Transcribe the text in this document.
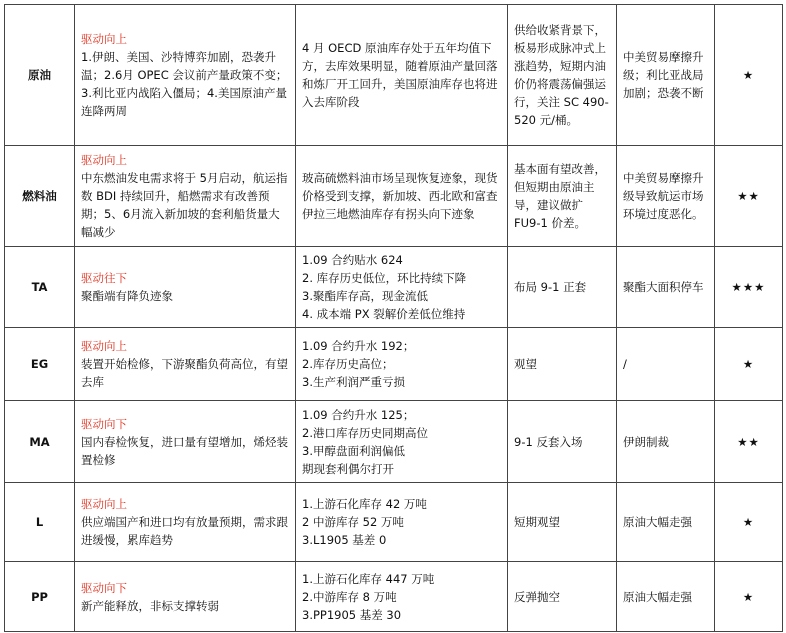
原油	驱动向上
1.伊朗、美国、沙特博弈加剧，恐袭升温；2.6月 OPEC 会议前产量政策不变；3.利比亚内战陷入僵局；4.美国原油产量连降两周	4 月 OECD 原油库存处于五年均值下方，去库效果明显，随着原油产量回落和炼厂开工回升，美国原油库存也将进入去库阶段	供给收紧背景下，板易形成脉冲式上涨趋势，短期内油价仍将震荡偏强运行，关注 SC 490-520 元/桶。	中美贸易摩擦升级；利比亚战局加剧；恐袭不断	★
燃料油	驱动向上
中东燃油发电需求将于 5月启动，航运指数 BDI 持续回升，船燃需求有改善预期；5、6月流入新加坡的套利船货量大幅减少	玻高硫燃料油市场呈现恢复迹象，现货价格受到支撑，新加坡、西北欧和富查伊拉三地燃油库存有拐头向下迹象	基本面有望改善，但短期由原油主导，建议做扩 FU9-1 价差。	中美贸易摩擦升级导致航运市场环境过度恶化。	★★
TA	驱动往下
聚酯端有降负迹象	1.09 合约贴水 624
2. 库存历史低位，环比持续下降
3.聚酯库存高，现金流低
4. 成本端 PX 裂解价差低位维持	布局 9-1 正套	聚酯大面积停车	★★★
EG	驱动向上
装置开始检修，下游聚酯负荷高位，有望去库	1.09 合约升水 192；
2.库存历史高位；
3.生产利润严重亏损	观望	/	★
MA	驱动向下
国内春检恢复，进口量有望增加，烯烃装置检修	1.09 合约升水 125；
2.港口库存历史同期高位
3.甲醇盘面利润偏低
期现套利偶尔打开	9-1 反套入场	伊朗制裁	★★
L	驱动向上
供应端国产和进口均有放量预期，需求跟进缓慢，累库趋势	1.上游石化库存 42 万吨
2 中游库存 52 万吨
3.L1905 基差 0	短期观望	原油大幅走强	★
PP	驱动向下
新产能释放，非标支撑转弱	1.上游石化库存 447 万吨
2.中游库存 8 万吨
3.PP1905 基差 30	反弹抛空	原油大幅走强	★
